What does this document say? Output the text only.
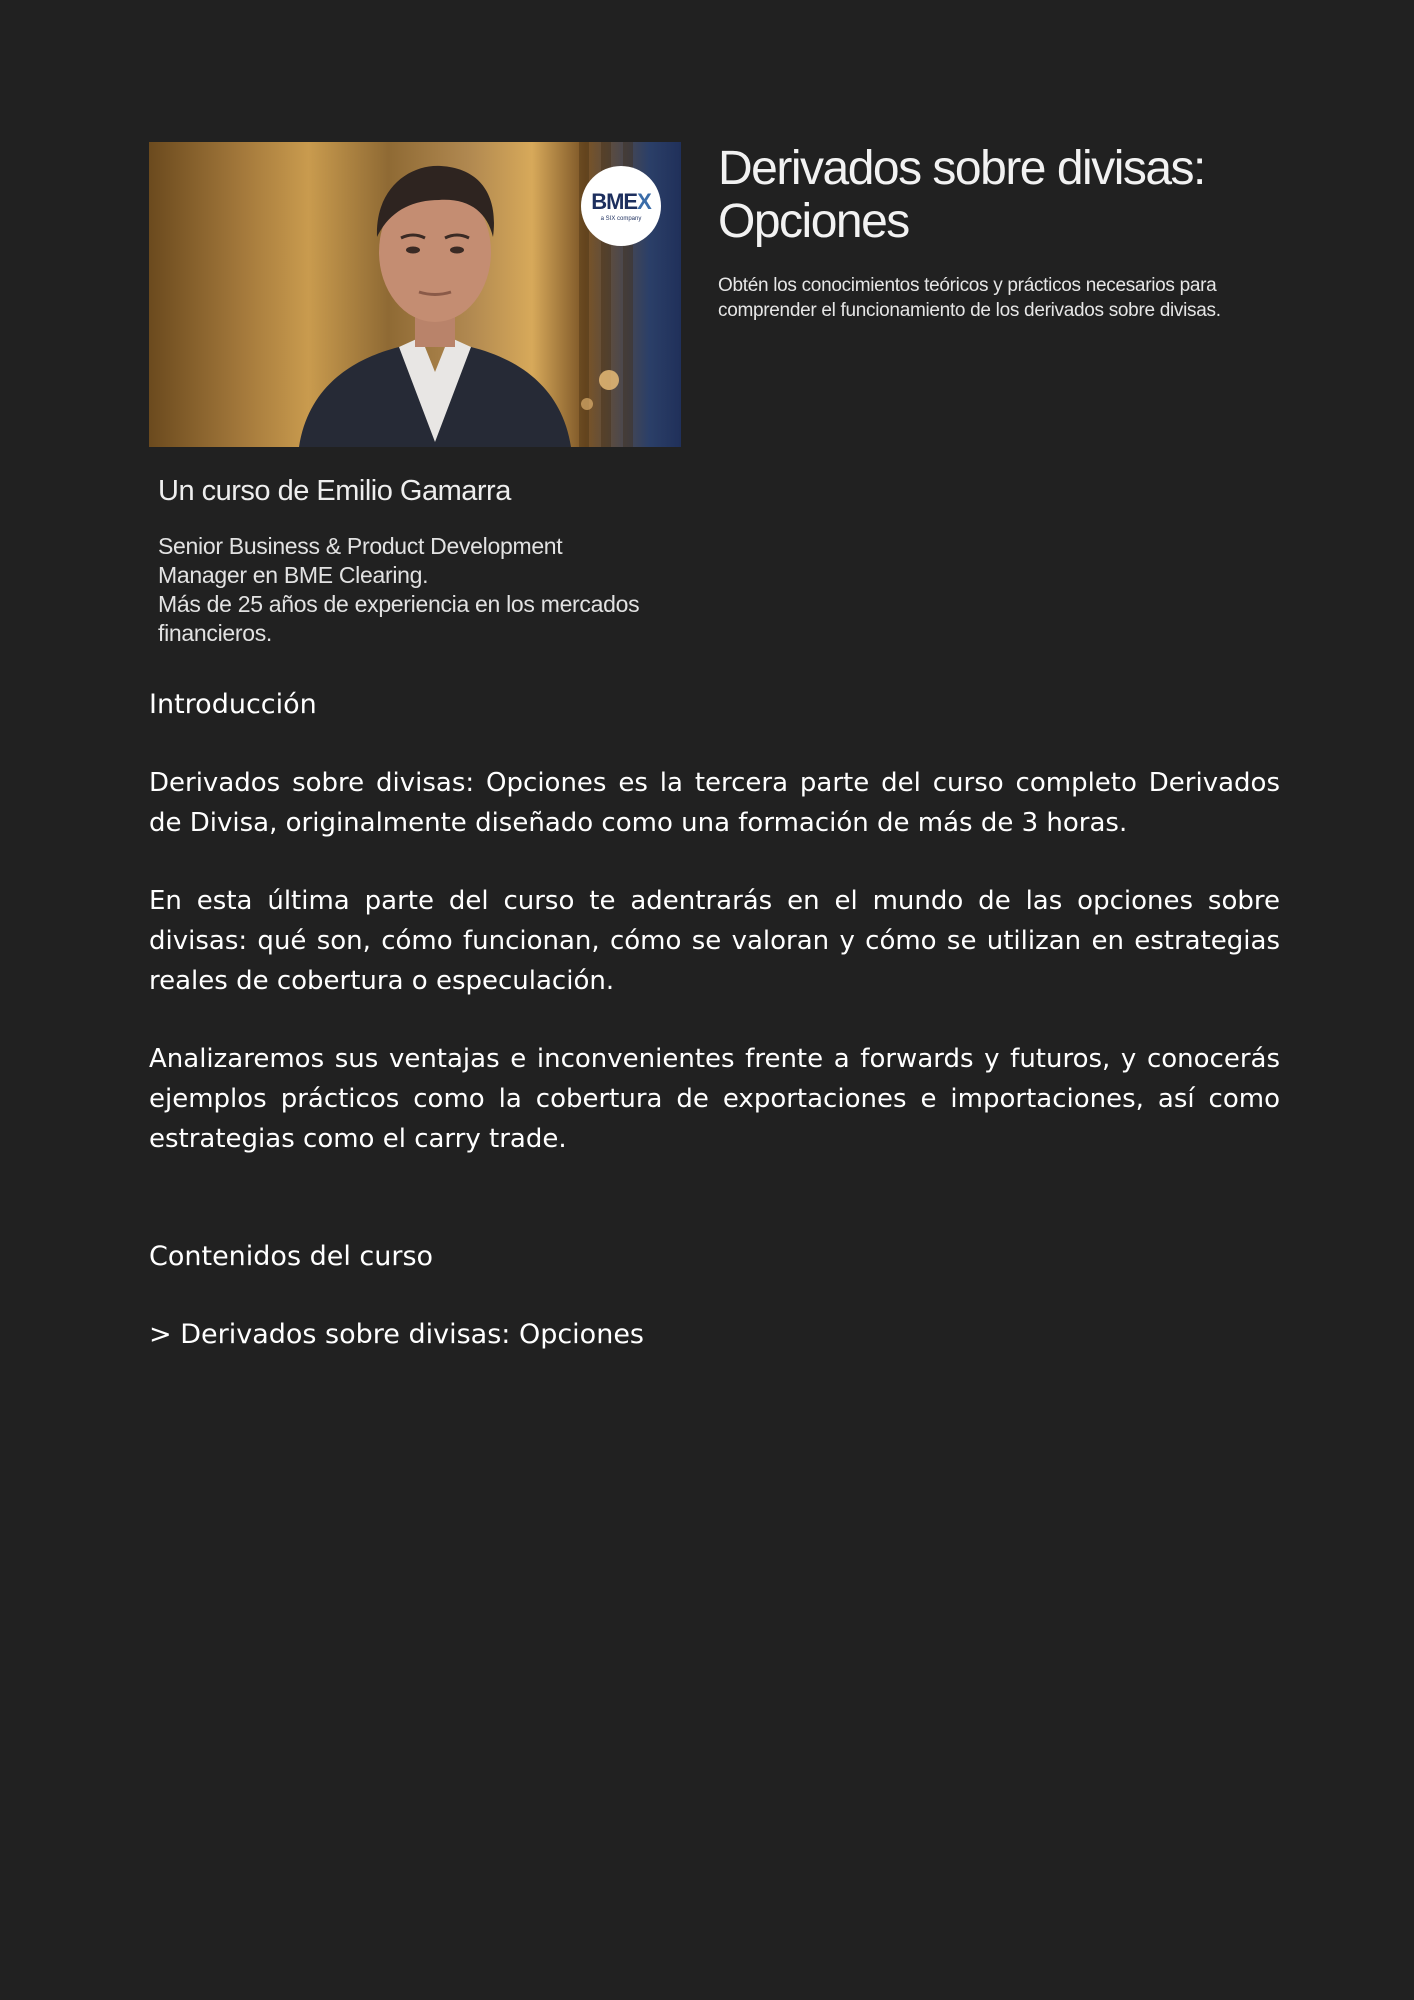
BMEX
a SIX company
Derivados sobre divisas: Opciones

Obtén los conocimientos teóricos y prácticos necesarios para comprender el funcionamiento de los derivados sobre divisas.

Un curso de Emilio Gamarra

Senior Business & Product Development
Manager en BME Clearing.
Más de 25 años de experiencia en los mercados
financieros.

Introducción

Derivados sobre divisas: Opciones es la tercera parte del curso completo Derivados de Divisa, originalmente diseñado como una formación de más de 3 horas.

En esta última parte del curso te adentrarás en el mundo de las opciones sobre divisas: qué son, cómo funcionan, cómo se valoran y cómo se utilizan en estrategias reales de cobertura o especulación.

Analizaremos sus ventajas e inconvenientes frente a forwards y futuros, y conocerás ejemplos prácticos como la cobertura de exportaciones e importaciones, así como estrategias como el carry trade.

Contenidos del curso

> Derivados sobre divisas: Opciones
